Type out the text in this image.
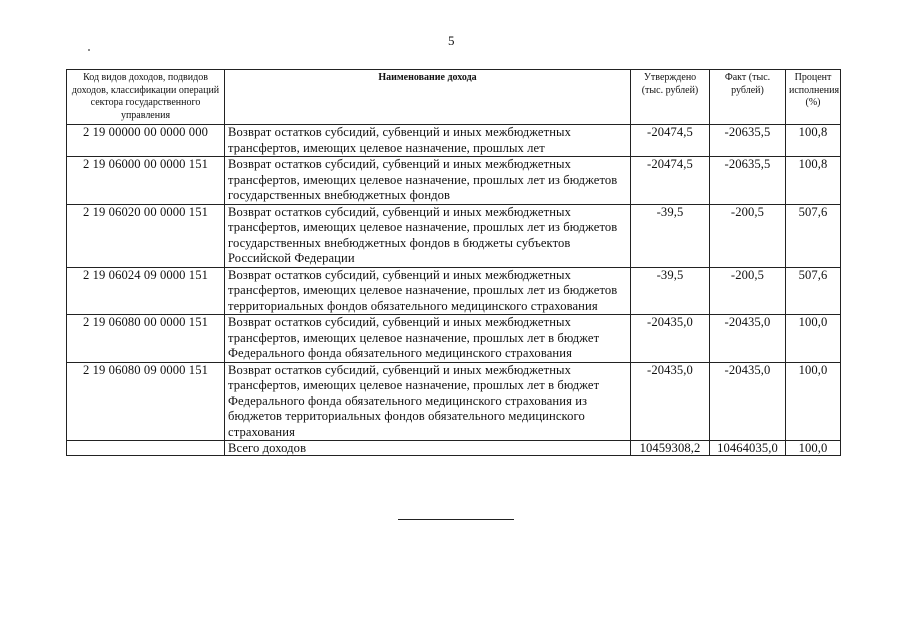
5
Код видов доходов, подвидов доходов, классификации операций сектора государственного управления	Наименование дохода	Утверждено (тыс. рублей)	Факт (тыс. рублей)	Процент исполнения (%)
2 19 00000 00 0000 000	Возврат остатков субсидий, субвенций и иных межбюджетных трансфертов, имеющих целевое назначение, прошлых лет	-20474,5	-20635,5	100,8
2 19 06000 00 0000 151	Возврат остатков субсидий, субвенций и иных межбюджетных трансфертов, имеющих целевое назначение, прошлых лет из бюджетов государственных внебюджетных фондов	-20474,5	-20635,5	100,8
2 19 06020 00 0000 151	Возврат остатков субсидий, субвенций и иных межбюджетных трансфертов, имеющих целевое назначение, прошлых лет из бюджетов государственных внебюджетных фондов в бюджеты субъектов Российской Федерации	-39,5	-200,5	507,6
2 19 06024 09 0000 151	Возврат остатков субсидий, субвенций и иных межбюджетных трансфертов, имеющих целевое назначение, прошлых лет из бюджетов территориальных фондов обязательного медицинского страхования	-39,5	-200,5	507,6
2 19 06080 00 0000 151	Возврат остатков субсидий, субвенций и иных межбюджетных трансфертов, имеющих целевое назначение, прошлых лет в бюджет Федерального фонда обязательного медицинского страхования	-20435,0	-20435,0	100,0
2 19 06080 09 0000 151	Возврат остатков субсидий, субвенций и иных межбюджетных трансфертов, имеющих целевое назначение, прошлых лет в бюджет Федерального фонда обязательного медицинского страхования из бюджетов территориальных фондов обязательного медицинского страхования	-20435,0	-20435,0	100,0
	Всего доходов	10459308,2	10464035,0	100,0
